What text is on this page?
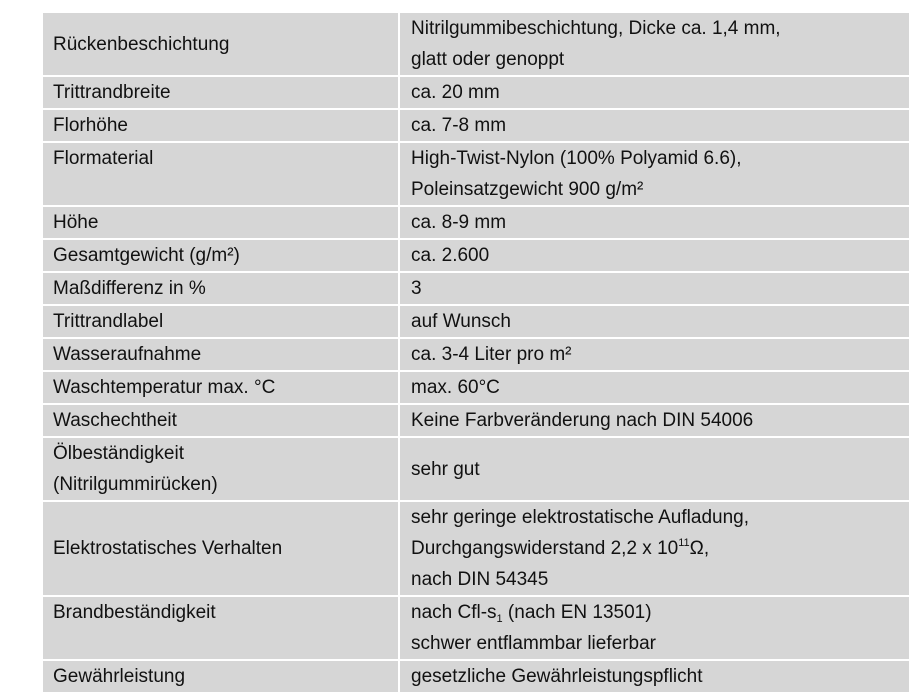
Rückenbeschichtung	Nitrilgummibeschichtung, Dicke ca. 1,4 mm,
glatt oder genoppt

Trittrandbreite	ca. 20 mm

Florhöhe	ca. 7-8 mm

Flormaterial	High-Twist-Nylon (100% Polyamid 6.6),
Poleinsatzgewicht 900 g/m²

Höhe	ca. 8-9 mm

Gesamtgewicht (g/m²)	ca. 2.600

Maßdifferenz in %	3

Trittrandlabel	auf Wunsch

Wasseraufnahme	ca. 3-4 Liter pro m²

Waschtemperatur max. °C	max. 60°C

Waschechtheit	Keine Farbveränderung nach DIN 54006

Ölbeständigkeit
(Nitrilgummirücken)	sehr gut

Elektrostatisches Verhalten	sehr geringe elektrostatische Aufladung,
Durchgangswiderstand 2,2 x $10^{11}\Omega$,
nach DIN 54345

Brandbeständigkeit	nach Cfl-$s_1$ (nach EN 13501)
schwer entflammbar lieferbar

Gewährleistung	gesetzliche Gewährleistungspflicht
